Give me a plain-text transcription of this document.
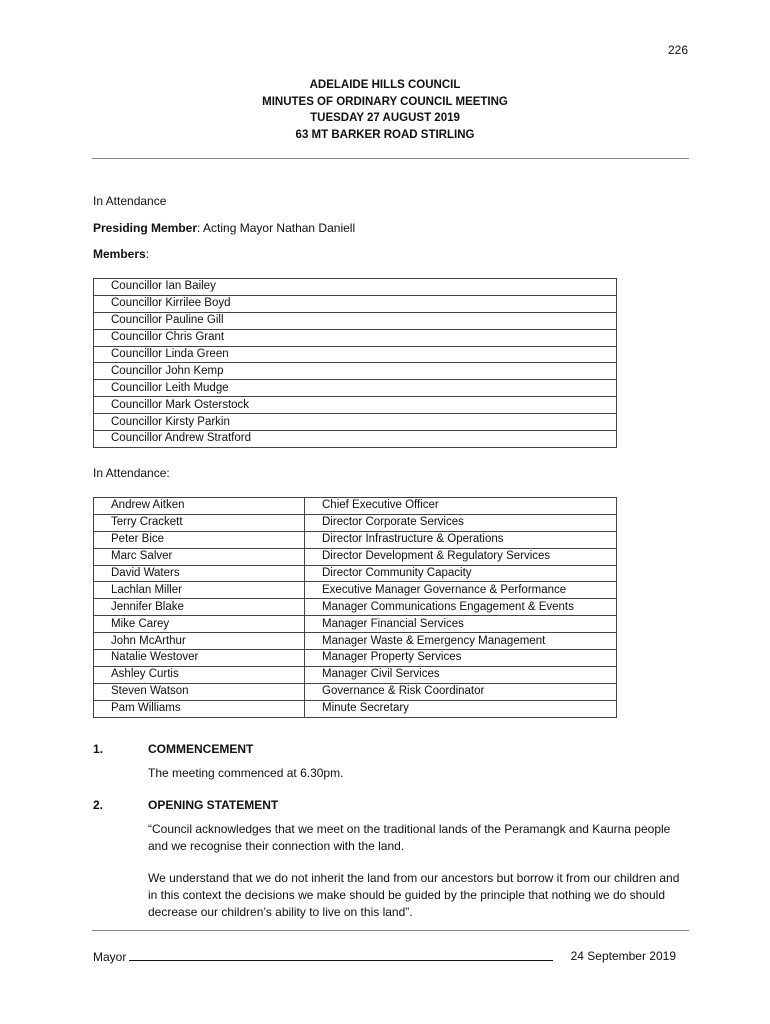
226
ADELAIDE HILLS COUNCIL
MINUTES OF ORDINARY COUNCIL MEETING
TUESDAY 27 AUGUST 2019
63 MT BARKER ROAD STIRLING
In Attendance
Presiding Member: Acting Mayor Nathan Daniell
Members:
Councillor Ian Bailey
Councillor Kirrilee Boyd
Councillor Pauline Gill
Councillor Chris Grant
Councillor Linda Green
Councillor John Kemp
Councillor Leith Mudge
Councillor Mark Osterstock
Councillor Kirsty Parkin
Councillor Andrew Stratford
In Attendance:
Andrew Aitken	Chief Executive Officer
Terry Crackett	Director Corporate Services
Peter Bice	Director Infrastructure & Operations
Marc Salver	Director Development & Regulatory Services
David Waters	Director Community Capacity
Lachlan Miller	Executive Manager Governance & Performance
Jennifer Blake	Manager Communications Engagement & Events
Mike Carey	Manager Financial Services
John McArthur	Manager Waste & Emergency Management
Natalie Westover	Manager Property Services
Ashley Curtis	Manager Civil Services
Steven Watson	Governance & Risk Coordinator
Pam Williams	Minute Secretary
1.	COMMENCEMENT
The meeting commenced at 6.30pm.
2.	OPENING STATEMENT
“Council acknowledges that we meet on the traditional lands of the Peramangk and Kaurna people and we recognise their connection with the land.
We understand that we do not inherit the land from our ancestors but borrow it from our children and in this context the decisions we make should be guided by the principle that nothing we do should decrease our children’s ability to live on this land”.
Mayor	24 September 2019
